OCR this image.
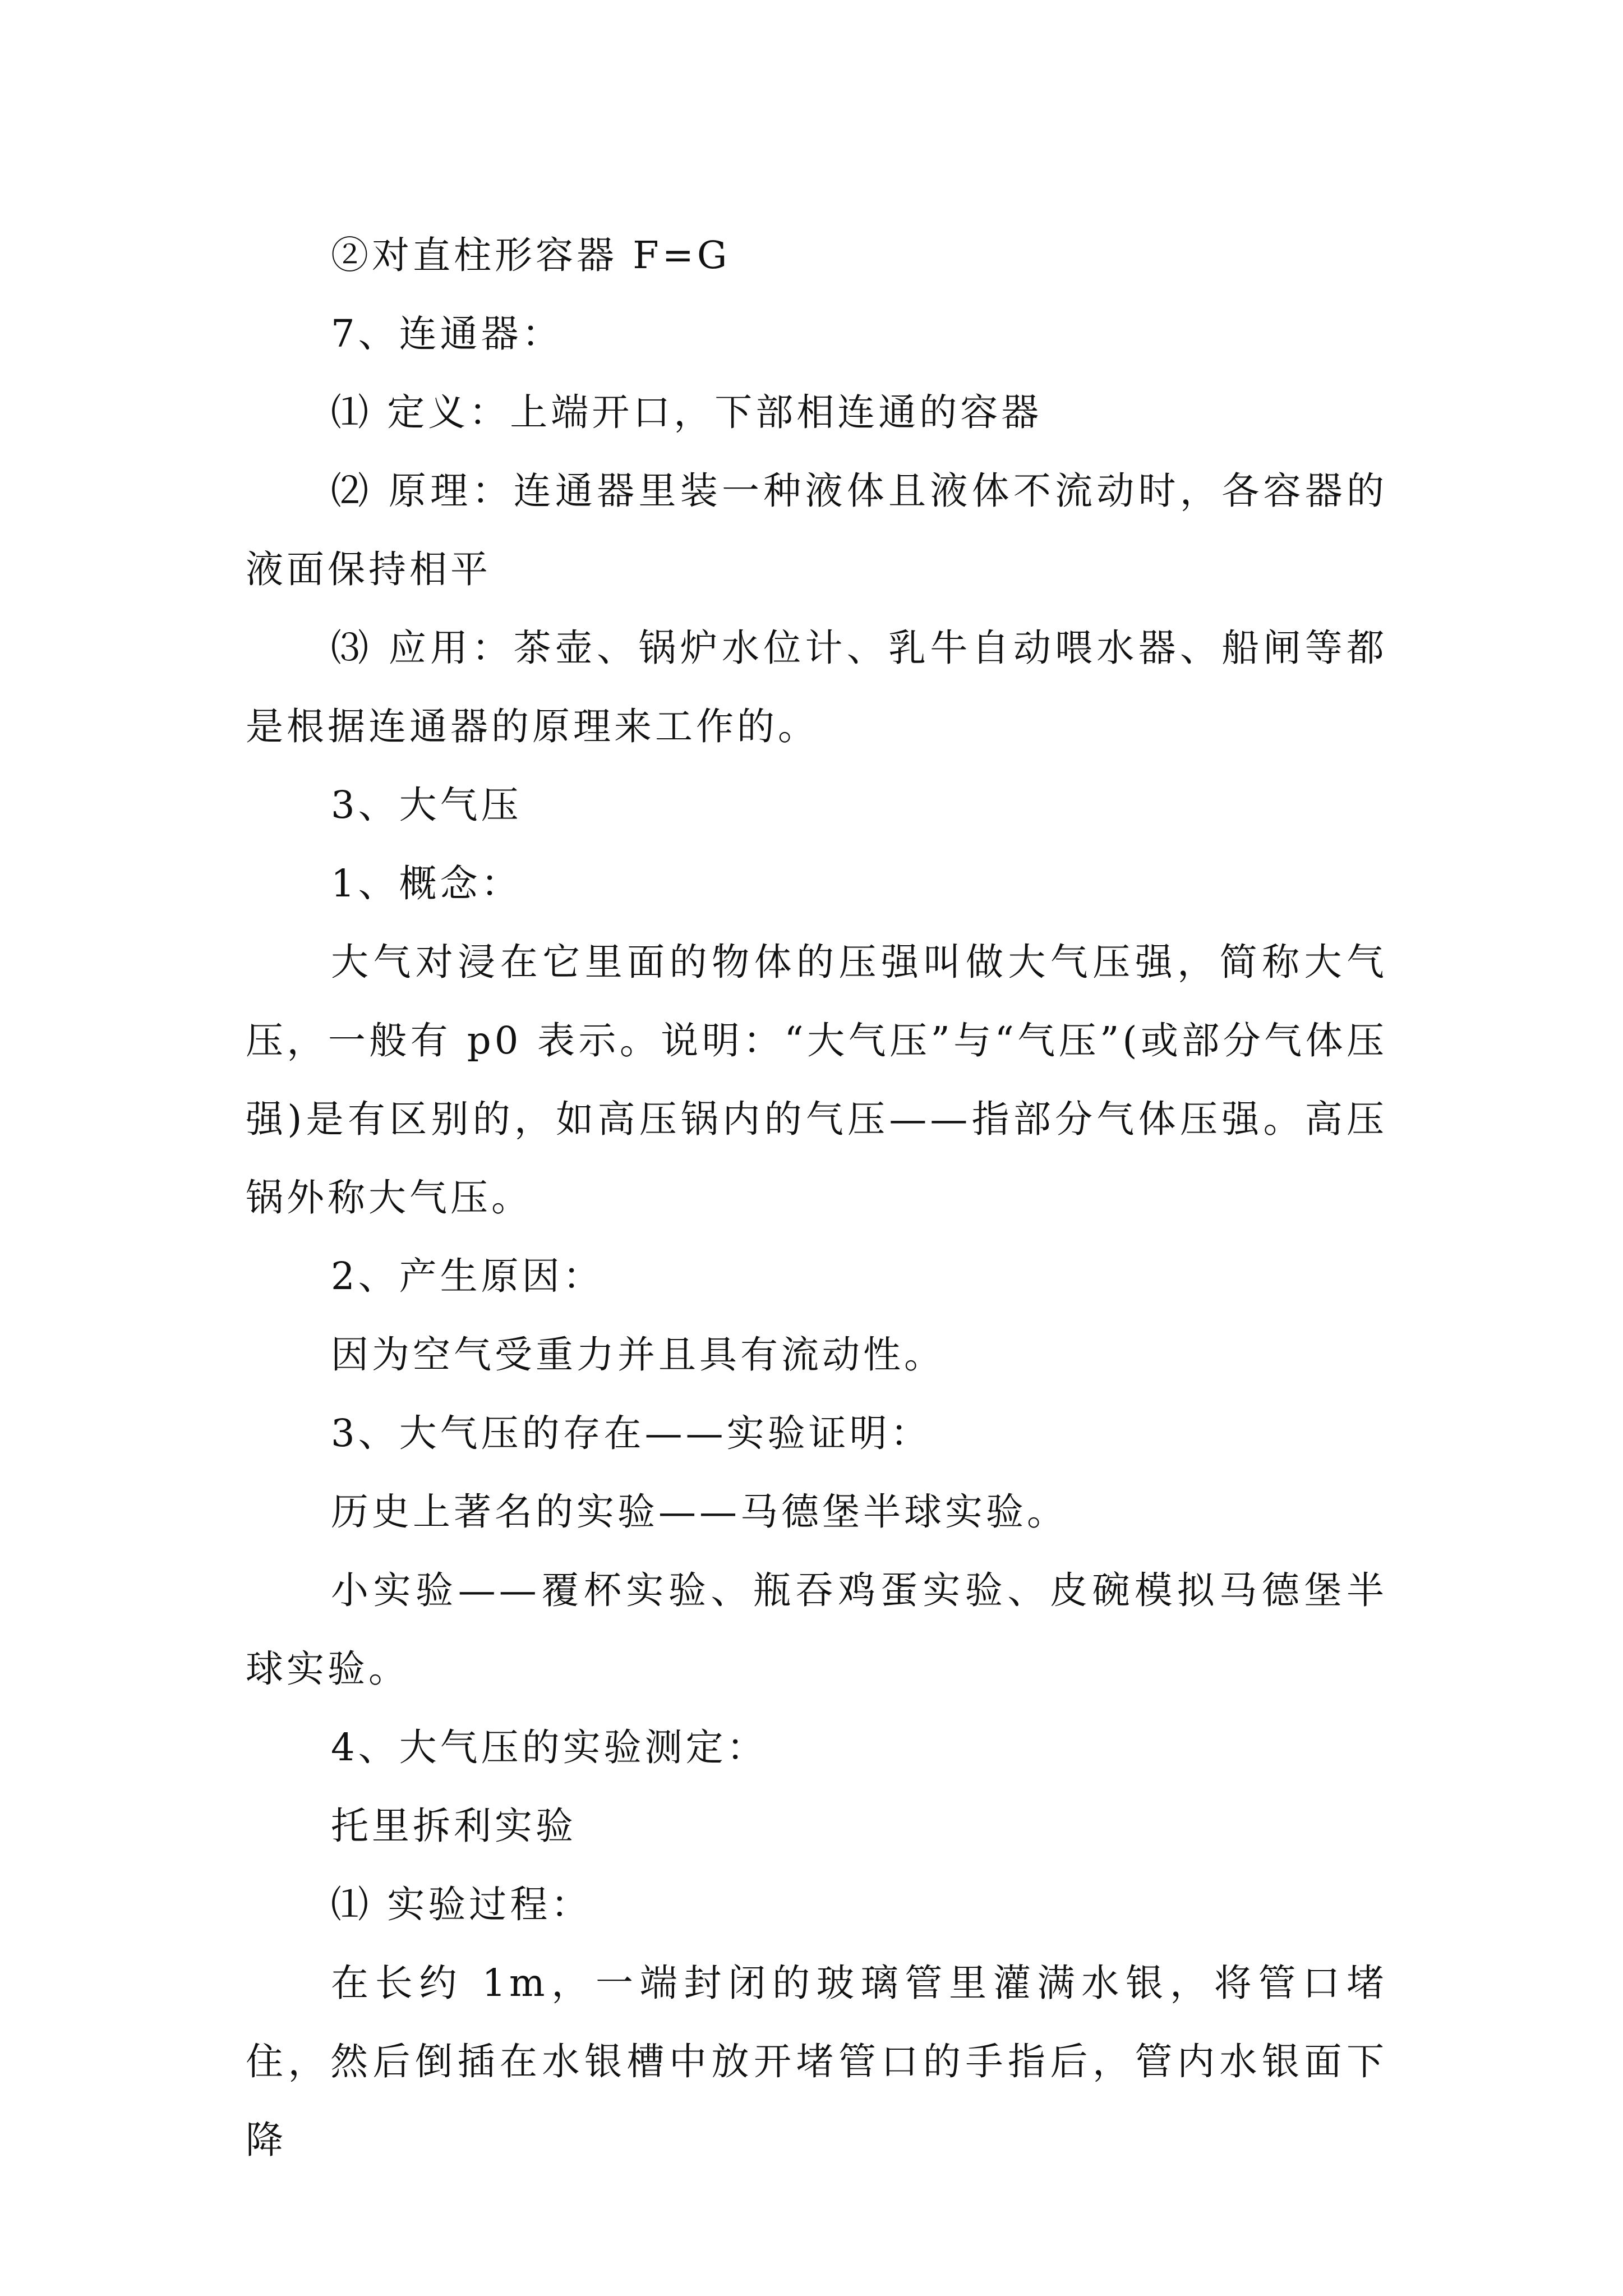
②对直柱形容器 F=G

7、连通器：

⑴ 定义：上端开口，下部相连通的容器

⑵ 原理：连通器里装一种液体且液体不流动时，各容器的液面保持相平

⑶ 应用：茶壶、锅炉水位计、乳牛自动喂水器、船闸等都是根据连通器的原理来工作的。

3、大气压

1、概念：

大气对浸在它里面的物体的压强叫做大气压强，简称大气压，一般有 p0 表示。说明：“大气压”与“气压”(或部分气体压强)是有区别的，如高压锅内的气压——指部分气体压强。高压锅外称大气压。

2、产生原因：

因为空气受重力并且具有流动性。

3、大气压的存在——实验证明：

历史上著名的实验——马德堡半球实验。

小实验——覆杯实验、瓶吞鸡蛋实验、皮碗模拟马德堡半球实验。

4、大气压的实验测定：

托里拆利实验

⑴ 实验过程：

在长约 1m，一端封闭的玻璃管里灌满水银，将管口堵住，然后倒插在水银槽中放开堵管口的手指后，管内水银面下降
